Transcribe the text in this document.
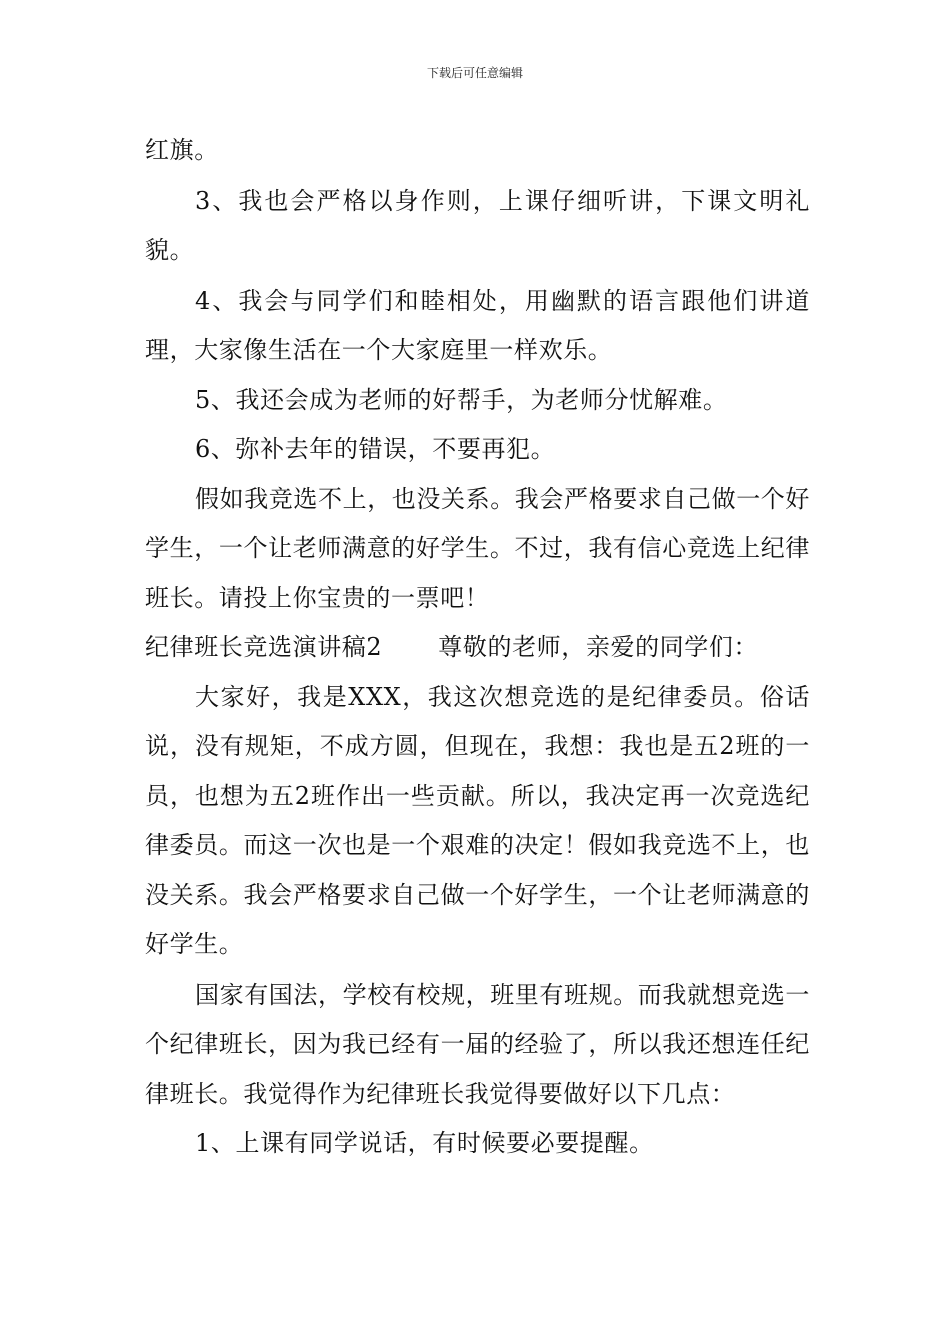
下载后可任意编辑

红旗。

3、我也会严格以身作则，上课仔细听讲，下课文明礼貌。

4、我会与同学们和睦相处，用幽默的语言跟他们讲道理，大家像生活在一个大家庭里一样欢乐。

5、我还会成为老师的好帮手，为老师分忧解难。

6、弥补去年的错误，不要再犯。

假如我竞选不上，也没关系。我会严格要求自己做一个好学生，一个让老师满意的好学生。不过，我有信心竞选上纪律班长。请投上你宝贵的一票吧！

纪律班长竞选演讲稿2 尊敬的老师，亲爱的同学们：

大家好，我是XXX，我这次想竞选的是纪律委员。俗话说，没有规矩，不成方圆，但现在，我想：我也是五2班的一员，也想为五2班作出一些贡献。所以，我决定再一次竞选纪律委员。而这一次也是一个艰难的决定！假如我竞选不上，也没关系。我会严格要求自己做一个好学生，一个让老师满意的好学生。

国家有国法，学校有校规，班里有班规。而我就想竞选一个纪律班长，因为我已经有一届的经验了，所以我还想连任纪律班长。我觉得作为纪律班长我觉得要做好以下几点：

1、上课有同学说话，有时候要必要提醒。
